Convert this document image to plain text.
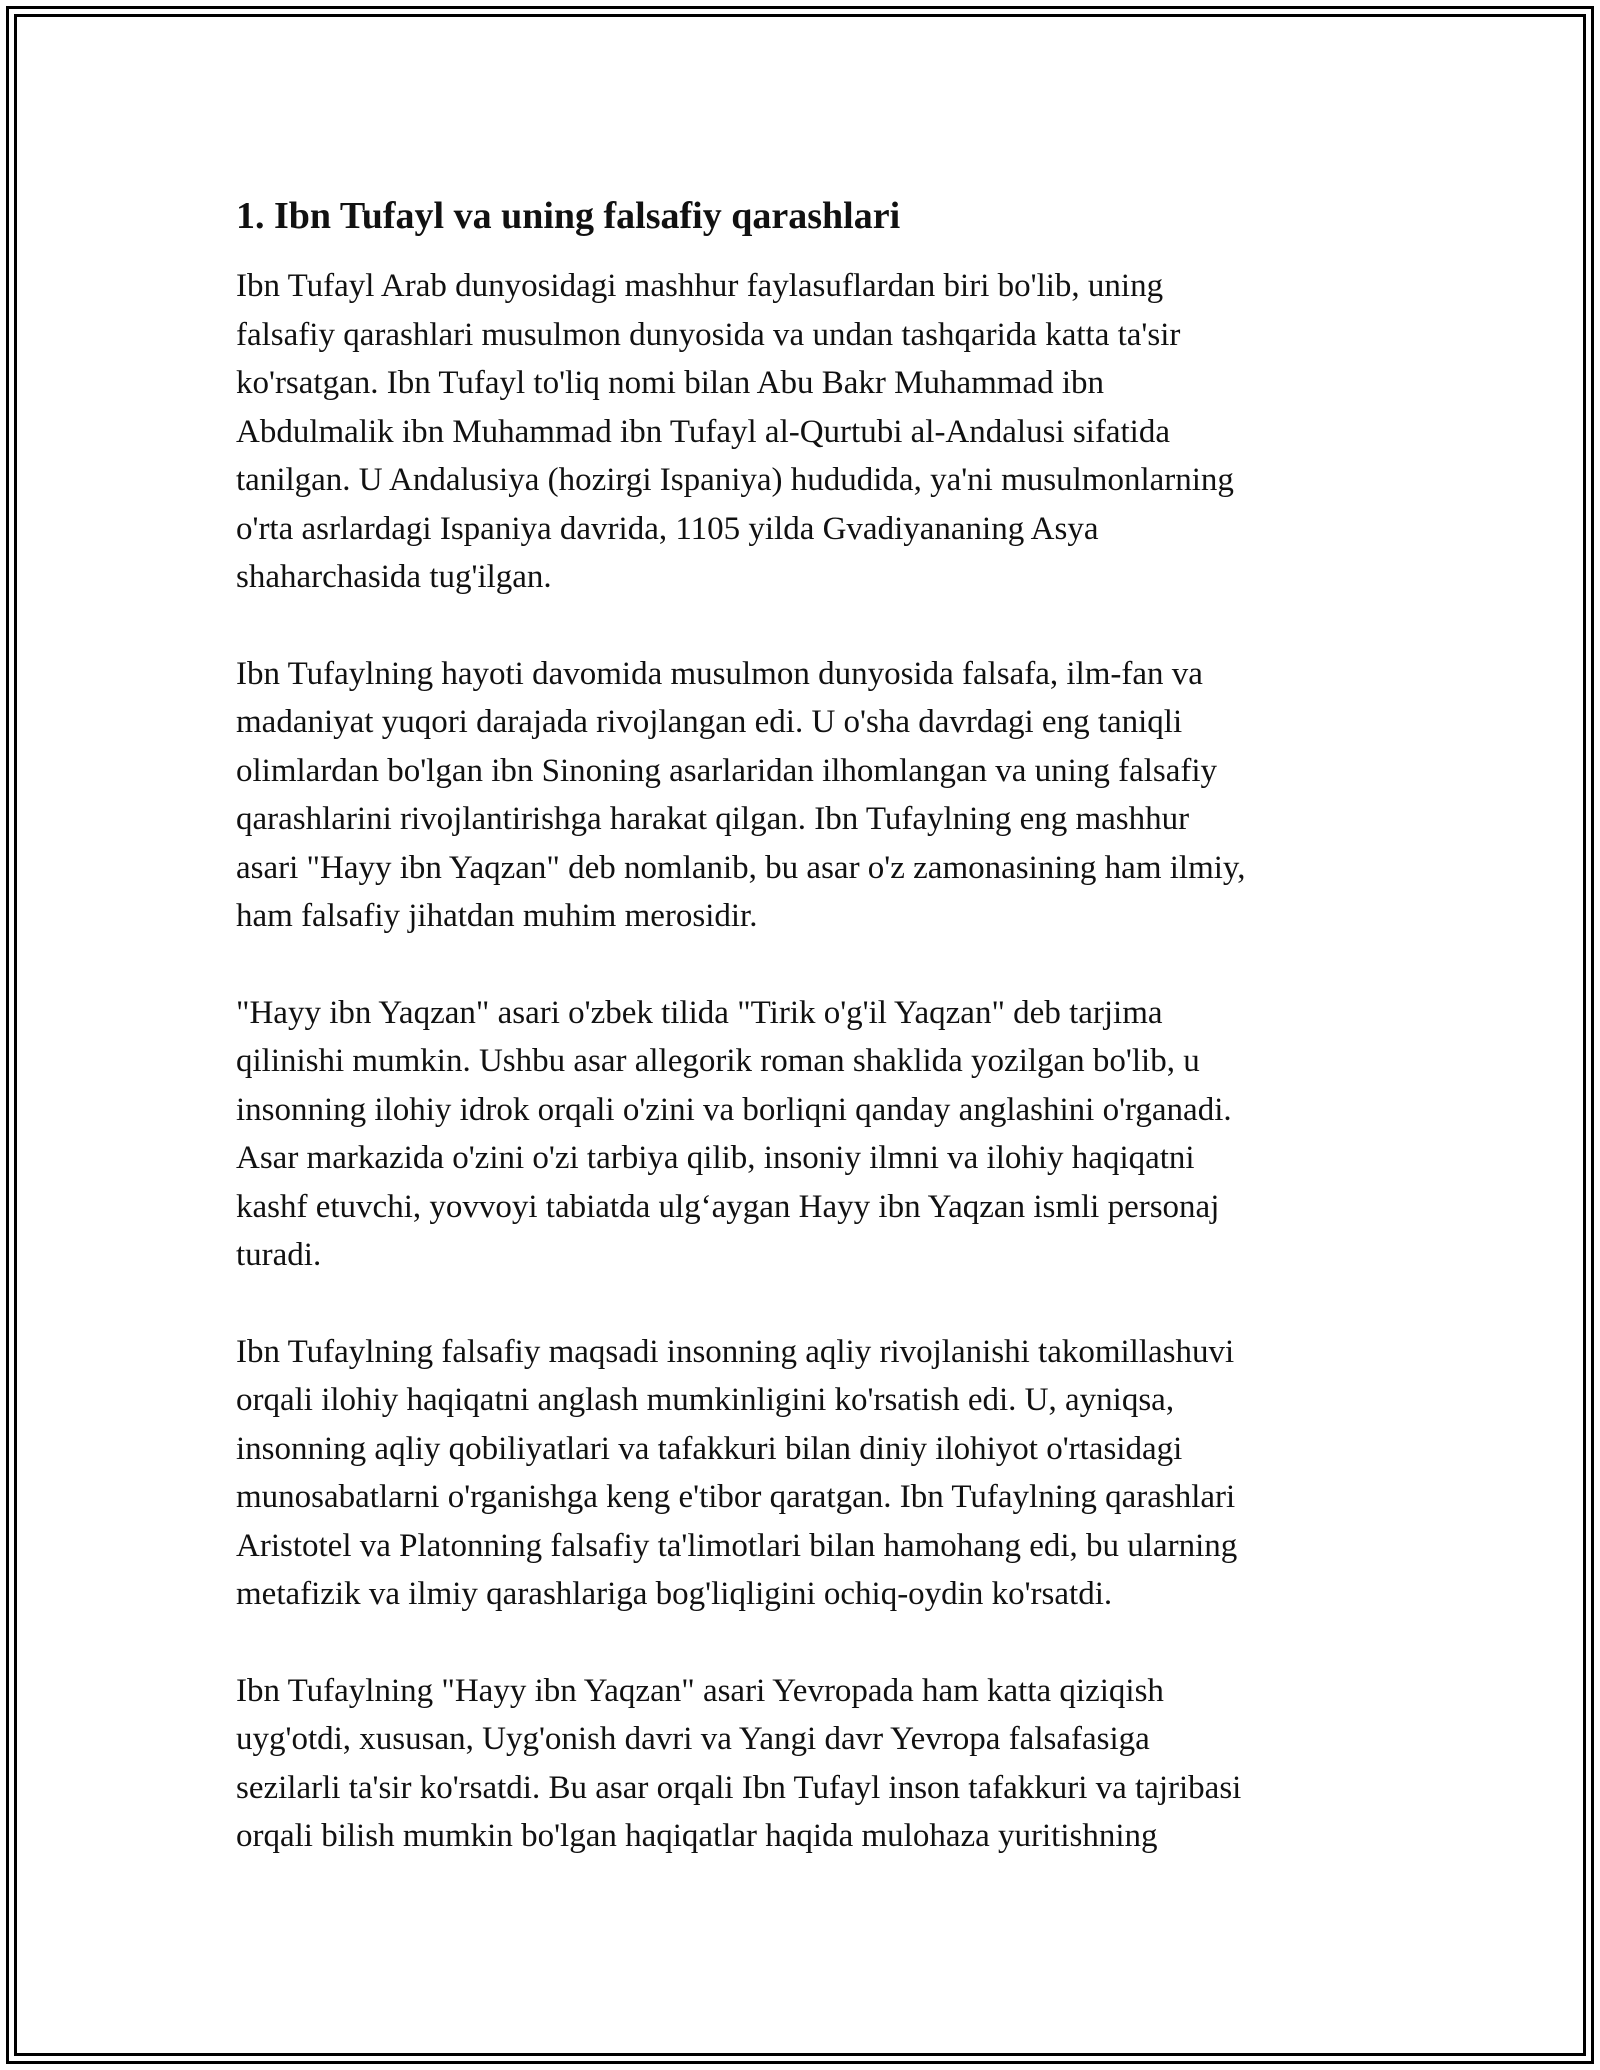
1. Ibn Tufayl va uning falsafiy qarashlari
Ibn Tufayl Arab dunyosidagi mashhur faylasuflardan biri bo'lib, uning
falsafiy qarashlari musulmon dunyosida va undan tashqarida katta ta'sir
ko'rsatgan. Ibn Tufayl to'liq nomi bilan Abu Bakr Muhammad ibn
Abdulmalik ibn Muhammad ibn Tufayl al-Qurtubi al-Andalusi sifatida
tanilgan. U Andalusiya (hozirgi Ispaniya) hududida, ya'ni musulmonlarning
o'rta asrlardagi Ispaniya davrida, 1105 yilda Gvadiyananing Asya
shaharchasida tug'ilgan.
Ibn Tufaylning hayoti davomida musulmon dunyosida falsafa, ilm-fan va
madaniyat yuqori darajada rivojlangan edi. U o'sha davrdagi eng taniqli
olimlardan bo'lgan ibn Sinoning asarlaridan ilhomlangan va uning falsafiy
qarashlarini rivojlantirishga harakat qilgan. Ibn Tufaylning eng mashhur
asari "Hayy ibn Yaqzan" deb nomlanib, bu asar o'z zamonasining ham ilmiy,
ham falsafiy jihatdan muhim merosidir.
"Hayy ibn Yaqzan" asari o'zbek tilida "Tirik o'g'il Yaqzan" deb tarjima
qilinishi mumkin. Ushbu asar allegorik roman shaklida yozilgan bo'lib, u
insonning ilohiy idrok orqali o'zini va borliqni qanday anglashini o'rganadi.
Asar markazida o'zini o'zi tarbiya qilib, insoniy ilmni va ilohiy haqiqatni
kashf etuvchi, yovvoyi tabiatda ulg‘aygan Hayy ibn Yaqzan ismli personaj
turadi.
Ibn Tufaylning falsafiy maqsadi insonning aqliy rivojlanishi takomillashuvi
orqali ilohiy haqiqatni anglash mumkinligini ko'rsatish edi. U, ayniqsa,
insonning aqliy qobiliyatlari va tafakkuri bilan diniy ilohiyot o'rtasidagi
munosabatlarni o'rganishga keng e'tibor qaratgan. Ibn Tufaylning qarashlari
Aristotel va Platonning falsafiy ta'limotlari bilan hamohang edi, bu ularning
metafizik va ilmiy qarashlariga bog'liqligini ochiq-oydin ko'rsatdi.
Ibn Tufaylning "Hayy ibn Yaqzan" asari Yevropada ham katta qiziqish
uyg'otdi, xususan, Uyg'onish davri va Yangi davr Yevropa falsafasiga
sezilarli ta'sir ko'rsatdi. Bu asar orqali Ibn Tufayl inson tafakkuri va tajribasi
orqali bilish mumkin bo'lgan haqiqatlar haqida mulohaza yuritishning
